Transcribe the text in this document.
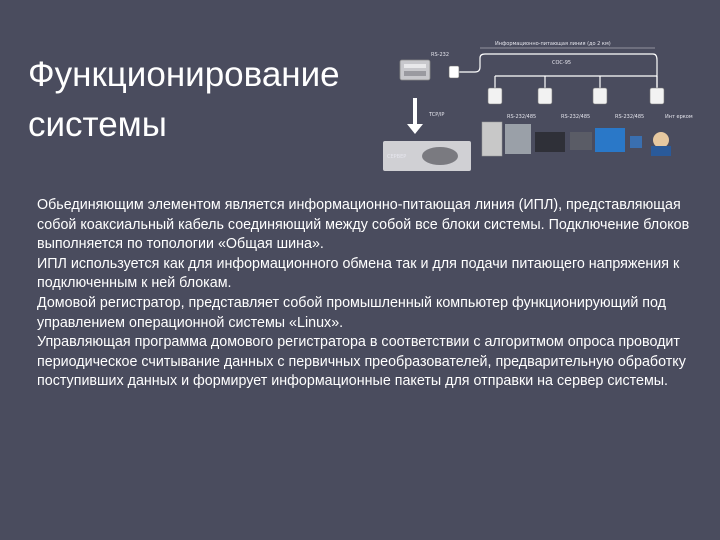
Функционирование
системы
Информационно-питающая линия (до 2 км)
RS-232
СОС-95
RS-232/485	RS-232/485	RS-232/485	Инт ерком
TCP/IP
СЕРВЕР

Обьединяющим элементом является информационно-питающая линия (ИПЛ), представляющая собой коаксиальный кабель соединяющий между собой все блоки системы. Подключение блоков выполняется по топологии «Общая шина».

ИПЛ используется как для информационного обмена так и для подачи питающего напряжения к подключенным к ней блокам.

Домовой регистратор, представляет собой промышленный компьютер функционирующий под управлением операционной системы «Linux».

Управляющая программа домового регистратора в соответствии с алгоритмом опроса проводит периодическое считывание данных с первичных преобразователей, предварительную обработку поступивших данных и формирует информационные пакеты для отправки на сервер системы.
